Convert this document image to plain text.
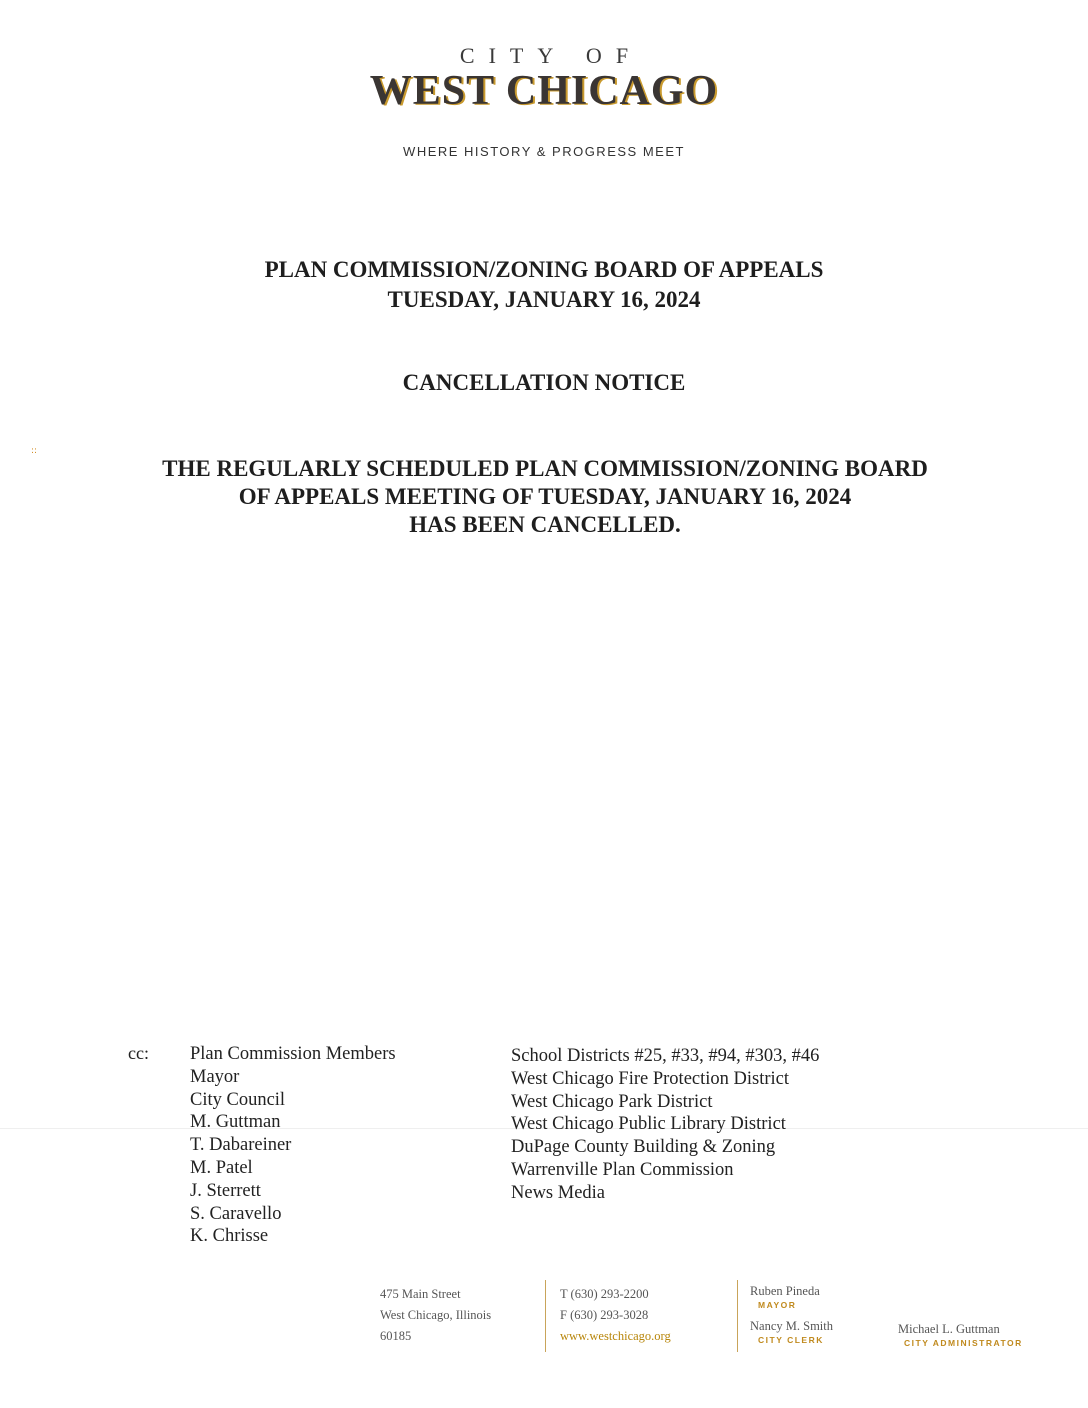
CITY OF
WEST CHICAGO
WHERE HISTORY & PROGRESS MEET
PLAN COMMISSION/ZONING BOARD OF APPEALS
TUESDAY, JANUARY 16, 2024
CANCELLATION NOTICE
::
THE REGULARLY SCHEDULED PLAN COMMISSION/ZONING BOARD
OF APPEALS MEETING OF TUESDAY, JANUARY 16, 2024
HAS BEEN CANCELLED.
cc: Plan Commission Members
Mayor
City Council
M. Guttman
T. Dabareiner
M. Patel
J. Sterrett
S. Caravello
K. Chrisse
School Districts #25, #33, #94, #303, #46
West Chicago Fire Protection District
West Chicago Park District
West Chicago Public Library District
DuPage County Building & Zoning
Warrenville Plan Commission
News Media
475 Main Street
West Chicago, Illinois
60185
T (630) 293-2200
F (630) 293-3028
www.westchicago.org
Ruben Pineda
MAYOR
Nancy M. Smith
CITY CLERK
Michael L. Guttman
CITY ADMINISTRATOR
